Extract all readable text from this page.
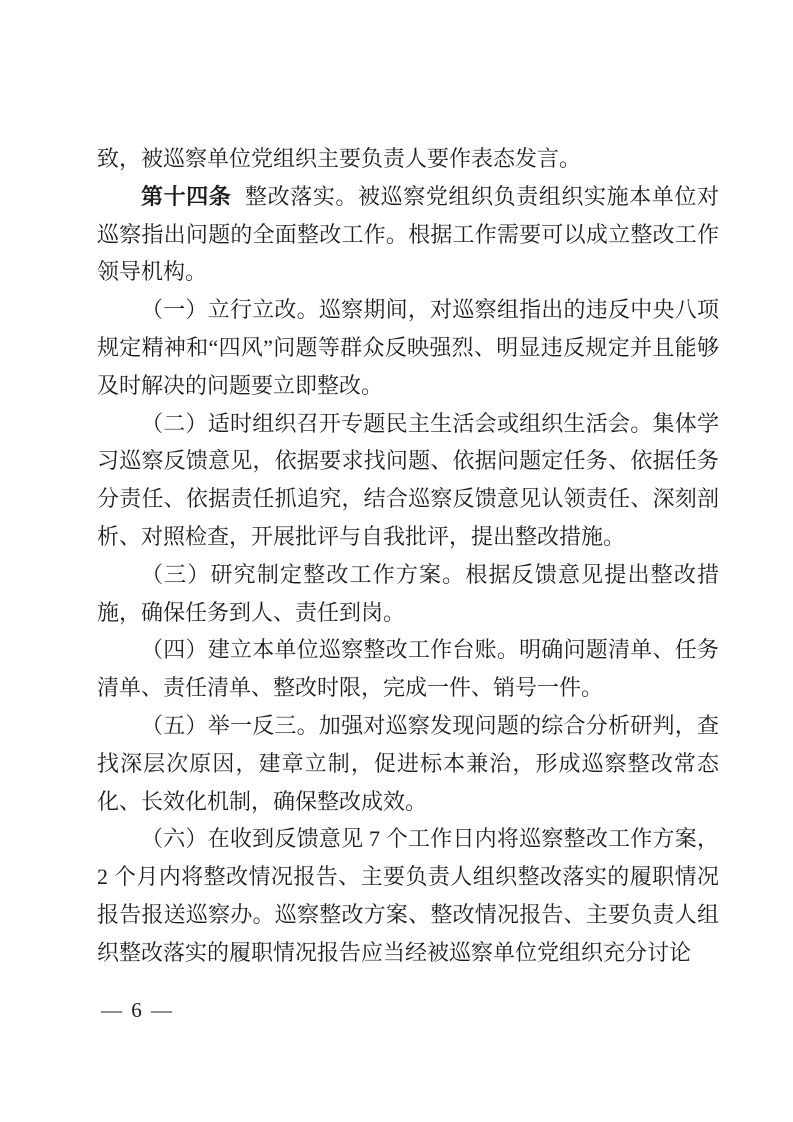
致，被巡察单位党组织主要负责人要作表态发言。

第十四条 整改落实。被巡察党组织负责组织实施本单位对巡察指出问题的全面整改工作。根据工作需要可以成立整改工作领导机构。

（一）立行立改。巡察期间，对巡察组指出的违反中央八项规定精神和“四风”问题等群众反映强烈、明显违反规定并且能够及时解决的问题要立即整改。

（二）适时组织召开专题民主生活会或组织生活会。集体学习巡察反馈意见，依据要求找问题、依据问题定任务、依据任务分责任、依据责任抓追究，结合巡察反馈意见认领责任、深刻剖析、对照检查，开展批评与自我批评，提出整改措施。

（三）研究制定整改工作方案。根据反馈意见提出整改措施，确保任务到人、责任到岗。

（四）建立本单位巡察整改工作台账。明确问题清单、任务清单、责任清单、整改时限，完成一件、销号一件。

（五）举一反三。加强对巡察发现问题的综合分析研判，查找深层次原因，建章立制，促进标本兼治，形成巡察整改常态化、长效化机制，确保整改成效。

（六）在收到反馈意见 7 个工作日内将巡察整改工作方案，2 个月内将整改情况报告、主要负责人组织整改落实的履职情况报告报送巡察办。巡察整改方案、整改情况报告、主要负责人组织整改落实的履职情况报告应当经被巡察单位党组织充分讨论

— 6 —
